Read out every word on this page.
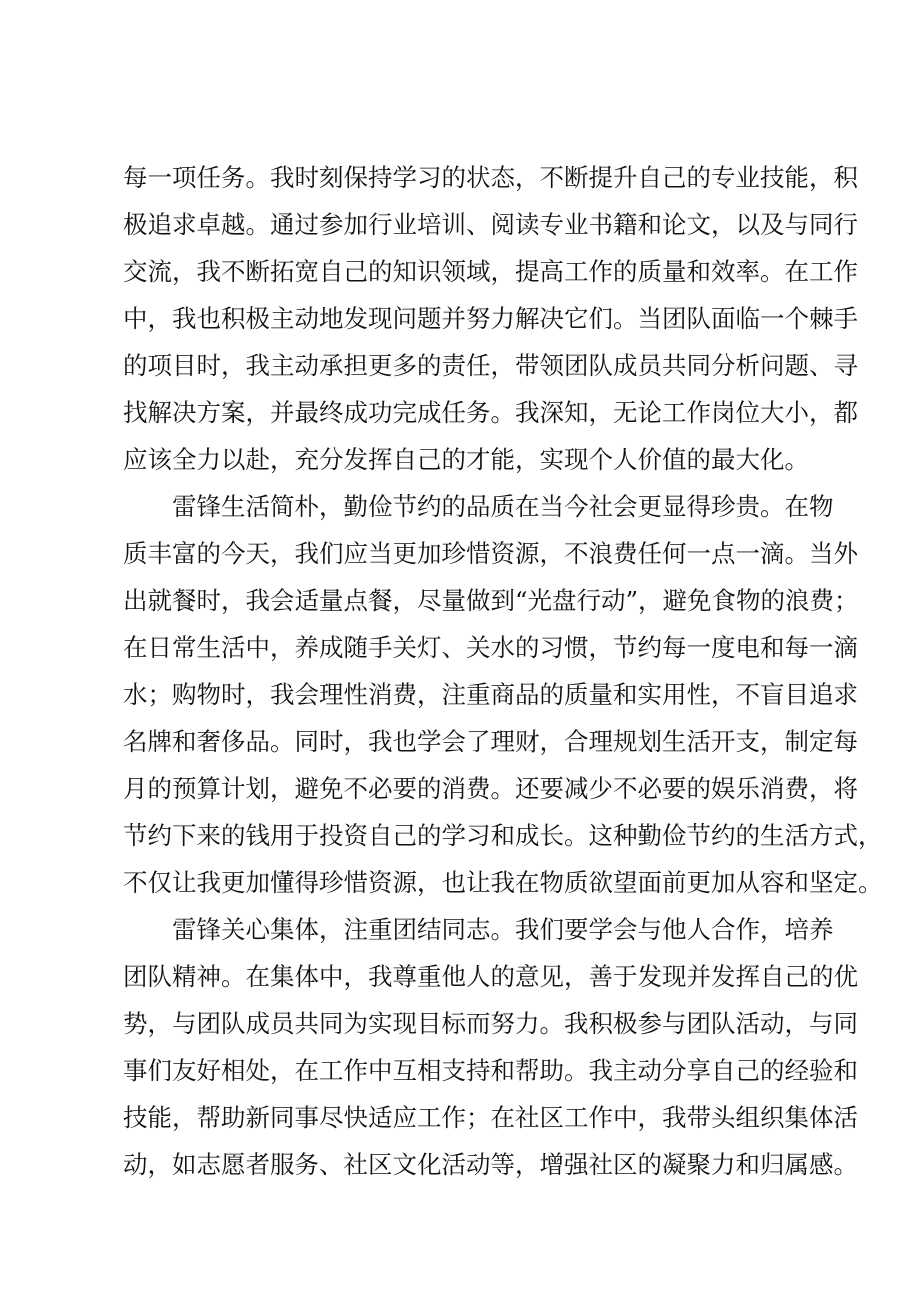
每一项任务。我时刻保持学习的状态，不断提升自己的专业技能，积
极追求卓越。通过参加行业培训、阅读专业书籍和论文，以及与同行
交流，我不断拓宽自己的知识领域，提高工作的质量和效率。在工作
中，我也积极主动地发现问题并努力解决它们。当团队面临一个棘手
的项目时，我主动承担更多的责任，带领团队成员共同分析问题、寻
找解决方案，并最终成功完成任务。我深知，无论工作岗位大小，都
应该全力以赴，充分发挥自己的才能，实现个人价值的最大化。
雷锋生活简朴，勤俭节约的品质在当今社会更显得珍贵。在物
质丰富的今天，我们应当更加珍惜资源，不浪费任何一点一滴。当外
出就餐时，我会适量点餐，尽量做到“光盘行动”，避免食物的浪费；
在日常生活中，养成随手关灯、关水的习惯，节约每一度电和每一滴
水；购物时，我会理性消费，注重商品的质量和实用性，不盲目追求
名牌和奢侈品。同时，我也学会了理财，合理规划生活开支，制定每
月的预算计划，避免不必要的消费。还要减少不必要的娱乐消费，将
节约下来的钱用于投资自己的学习和成长。这种勤俭节约的生活方式，
不仅让我更加懂得珍惜资源，也让我在物质欲望面前更加从容和坚定。
雷锋关心集体，注重团结同志。我们要学会与他人合作，培养
团队精神。在集体中，我尊重他人的意见，善于发现并发挥自己的优
势，与团队成员共同为实现目标而努力。我积极参与团队活动，与同
事们友好相处，在工作中互相支持和帮助。我主动分享自己的经验和
技能，帮助新同事尽快适应工作；在社区工作中，我带头组织集体活
动，如志愿者服务、社区文化活动等，增强社区的凝聚力和归属感。
